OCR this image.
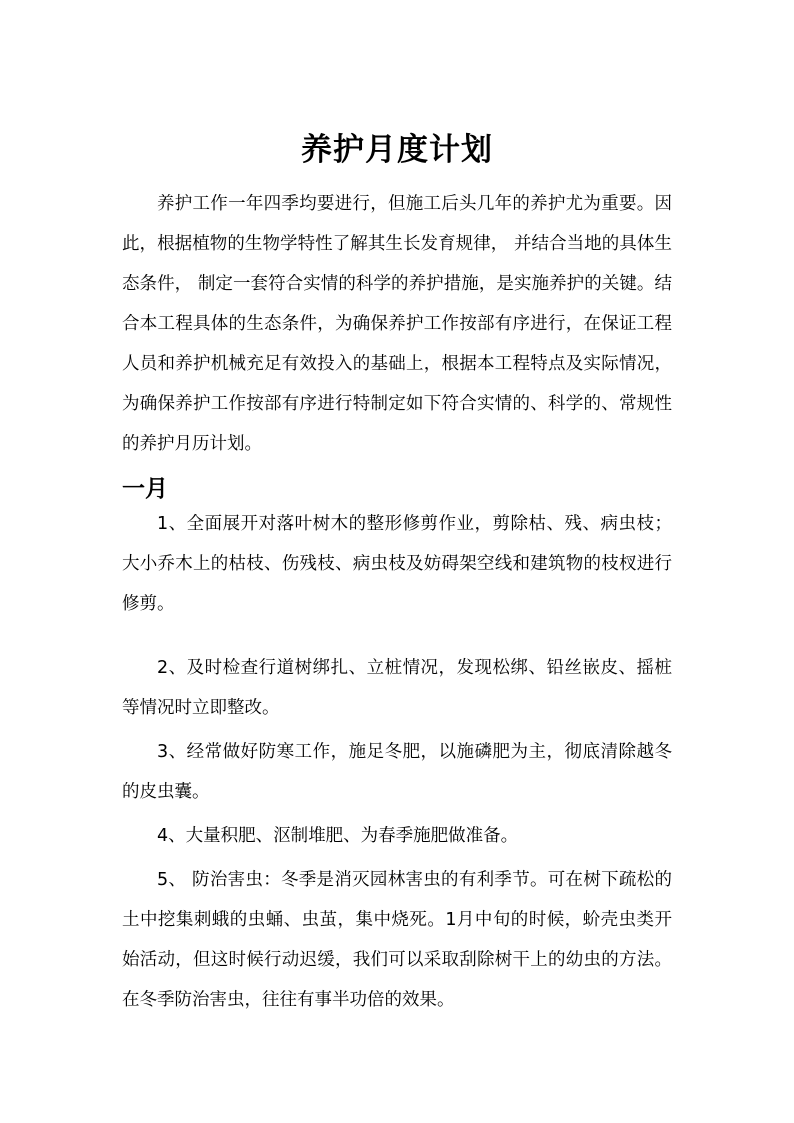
养护月度计划

养护工作一年四季均要进行，但施工后头几年的养护尤为重要。因此，根据植物的生物学特性了解其生长发育规律， 并结合当地的具体生态条件， 制定一套符合实情的科学的养护措施，是实施养护的关键。结合本工程具体的生态条件，为确保养护工作按部有序进行，在保证工程人员和养护机械充足有效投入的基础上，根据本工程特点及实际情况，为确保养护工作按部有序进行特制定如下符合实情的、科学的、常规性的养护月历计划。

一月

1、全面展开对落叶树木的整形修剪作业，剪除枯、残、病虫枝；大小乔木上的枯枝、伤残枝、病虫枝及妨碍架空线和建筑物的枝杈进行修剪。

2、及时检查行道树绑扎、立桩情况，发现松绑、铅丝嵌皮、摇桩等情况时立即整改。

3、经常做好防寒工作，施足冬肥，以施磷肥为主，彻底清除越冬的皮虫囊。

4、大量积肥、沤制堆肥、为春季施肥做准备。

5、 防治害虫：冬季是消灭园林害虫的有利季节。可在树下疏松的土中挖集刺蛾的虫蛹、虫茧，集中烧死。1月中旬的时候，蚧壳虫类开始活动，但这时候行动迟缓，我们可以采取刮除树干上的幼虫的方法。在冬季防治害虫，往往有事半功倍的效果。
